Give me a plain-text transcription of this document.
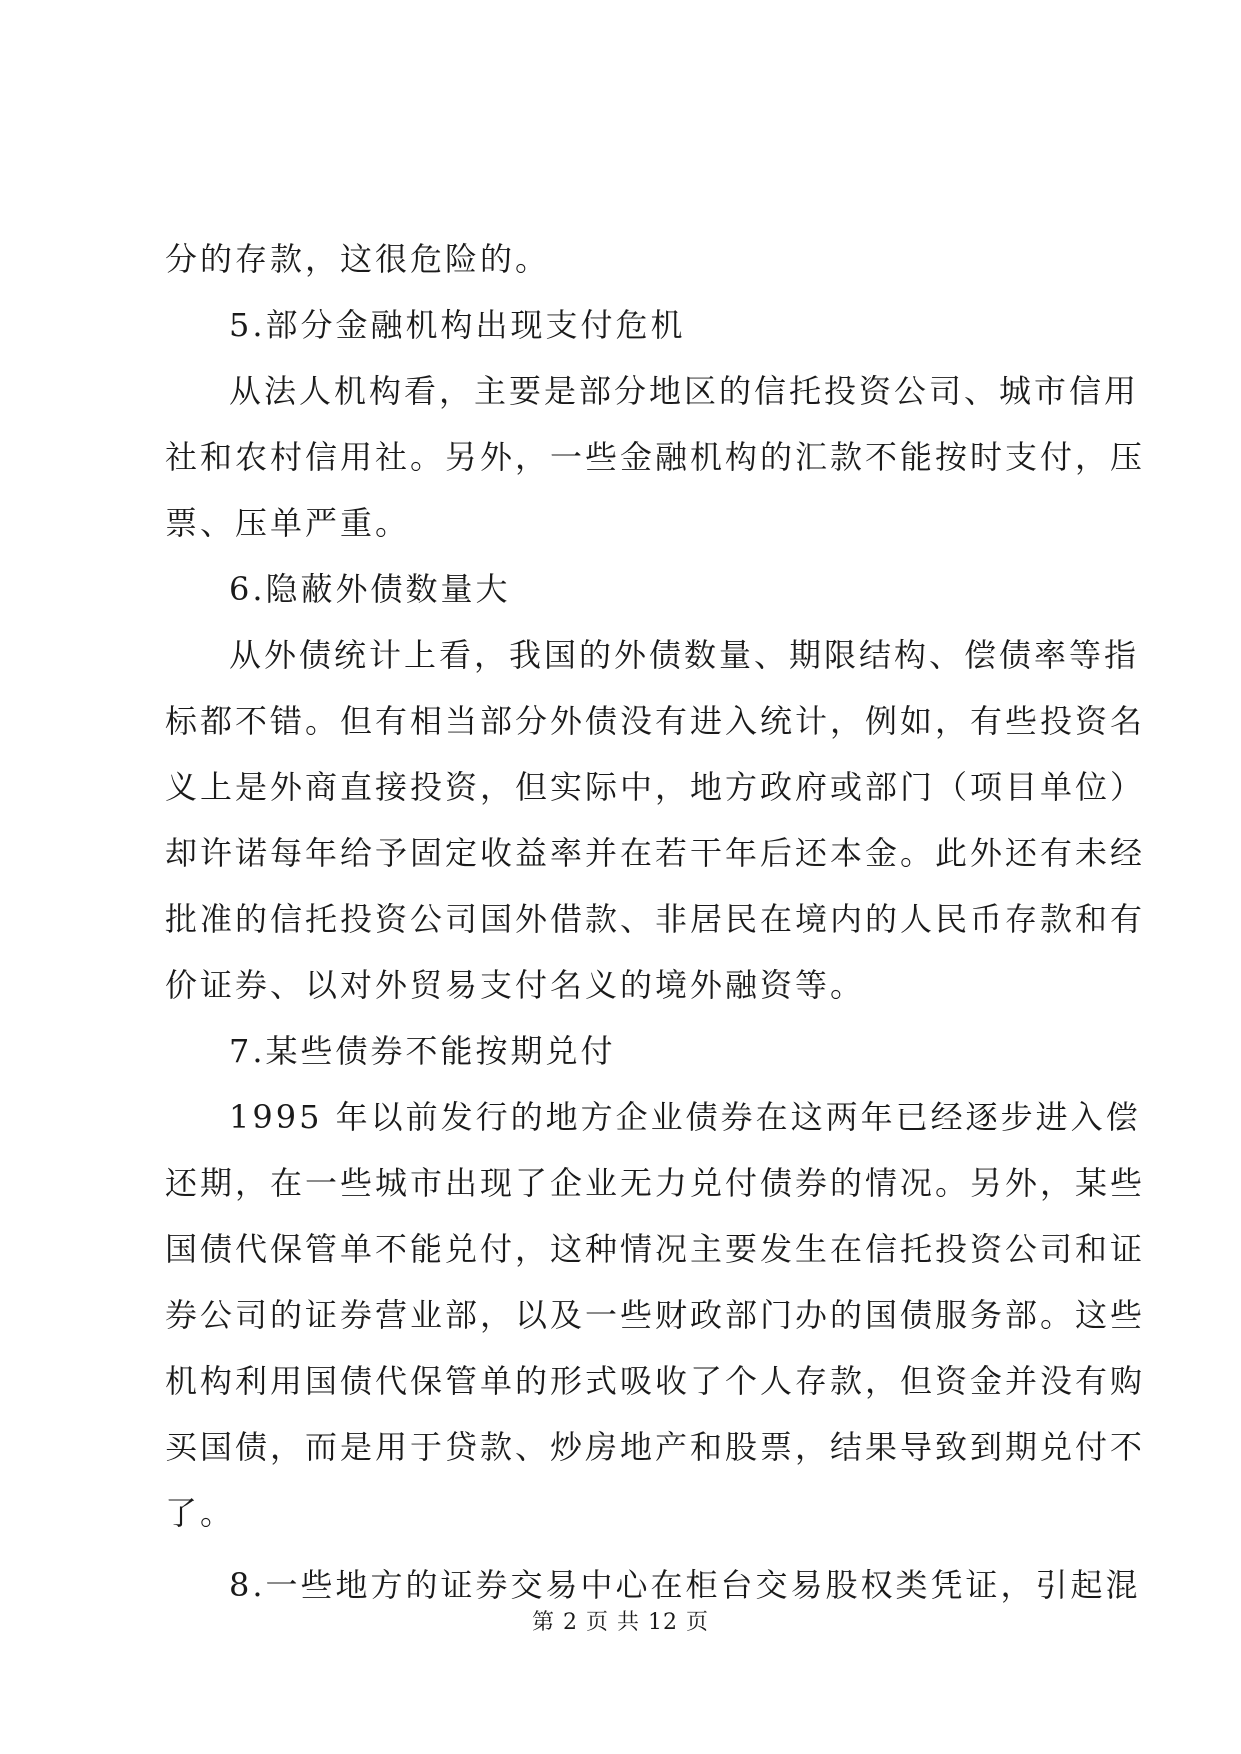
分的存款，这很危险的。
5.部分金融机构出现支付危机
从法人机构看，主要是部分地区的信托投资公司、城市信用
社和农村信用社。另外，一些金融机构的汇款不能按时支付，压
票、压单严重。
6.隐蔽外债数量大
从外债统计上看，我国的外债数量、期限结构、偿债率等指
标都不错。但有相当部分外债没有进入统计，例如，有些投资名
义上是外商直接投资，但实际中，地方政府或部门（项目单位）
却许诺每年给予固定收益率并在若干年后还本金。此外还有未经
批准的信托投资公司国外借款、非居民在境内的人民币存款和有
价证券、以对外贸易支付名义的境外融资等。
7.某些债券不能按期兑付
1995 年以前发行的地方企业债券在这两年已经逐步进入偿
还期，在一些城市出现了企业无力兑付债券的情况。另外，某些
国债代保管单不能兑付，这种情况主要发生在信托投资公司和证
券公司的证券营业部，以及一些财政部门办的国债服务部。这些
机构利用国债代保管单的形式吸收了个人存款，但资金并没有购
买国债，而是用于贷款、炒房地产和股票，结果导致到期兑付不
了。
8.一些地方的证券交易中心在柜台交易股权类凭证，引起混
第 2 页 共 12 页
